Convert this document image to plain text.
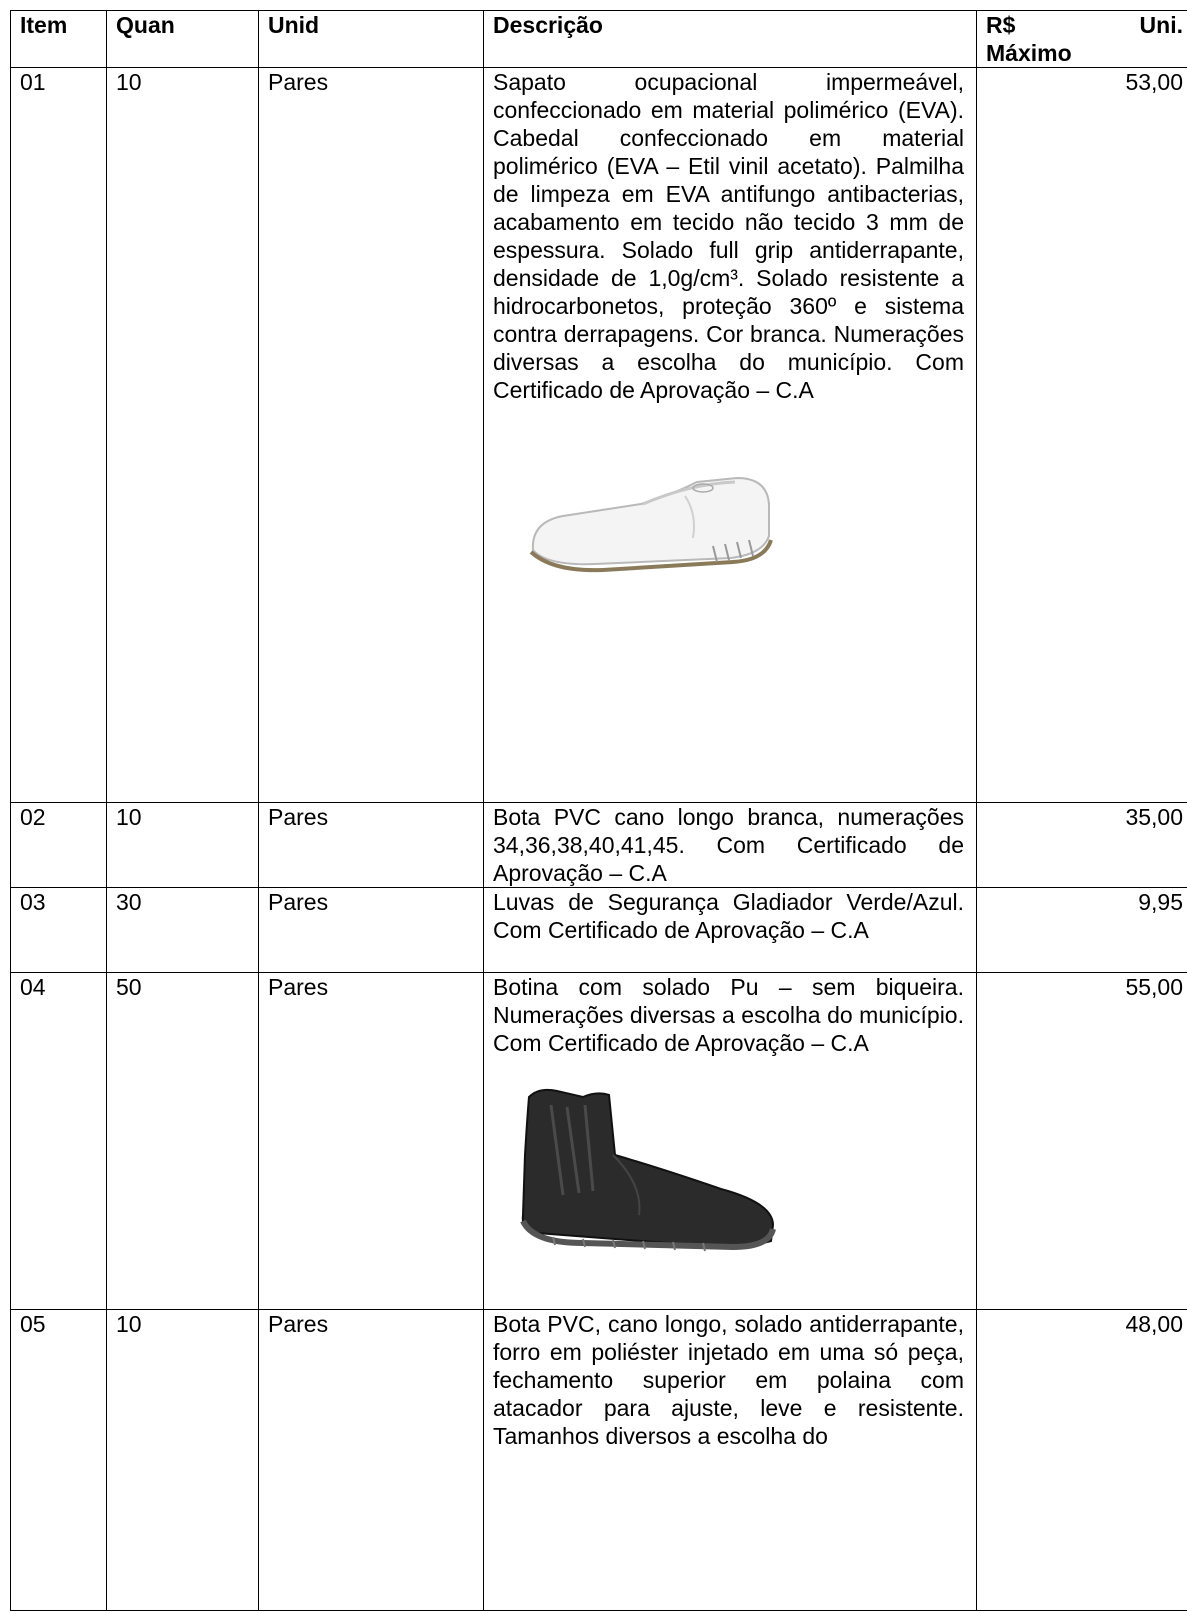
Item	Quan	Unid	Descrição	R$ Uni.
Máximo

01	10	Pares	Sapato ocupacional impermeável, confeccionado em material polimérico (EVA). Cabedal confeccionado em material polimérico (EVA – Etil vinil acetato). Palmilha de limpeza em EVA antifungo antibacterias, acabamento em tecido não tecido 3 mm de espessura. Solado full grip antiderrapante, densidade de 1,0g/cm³. Solado resistente a hidrocarbonetos, proteção 360º e sistema contra derrapagens. Cor branca. Numerações diversas a escolha do município. Com Certificado de Aprovação – C.A	53,00
02	10	Pares	Bota PVC cano longo branca, numerações 34,36,38,40,41,45. Com Certificado de Aprovação – C.A	35,00
03	30	Pares	Luvas de Segurança Gladiador Verde/Azul. Com Certificado de Aprovação – C.A	9,95
04	50	Pares	Botina com solado Pu – sem biqueira. Numerações diversas a escolha do município. Com Certificado de Aprovação – C.A	55,00
05	10	Pares	Bota PVC, cano longo, solado antiderrapante, forro em poliéster injetado em uma só peça, fechamento superior em polaina com atacador para ajuste, leve e resistente. Tamanhos diversos a escolha do	48,00
